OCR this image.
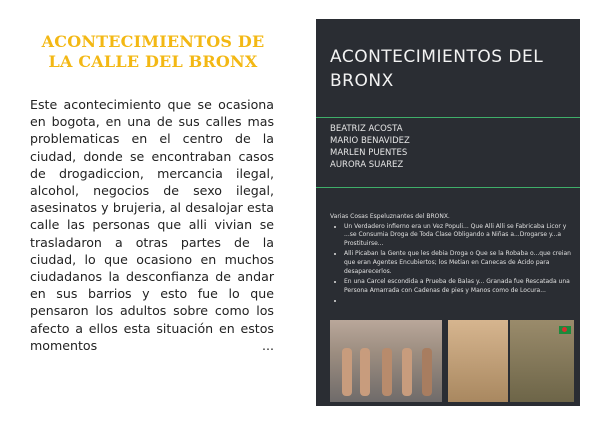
ACONTECIMIENTOS DE
LA CALLE DEL BRONX
Este acontecimiento que se ocasiona en bogota, en una de sus calles mas problematicas en el centro de la ciudad, donde se encontraban casos de drogadiccion, mercancia ilegal, alcohol, negocios de sexo ilegal, asesinatos y brujeria, al desalojar esta calle las personas que alli vivian se trasladaron a otras partes de la ciudad, lo que ocasiono en muchos ciudadanos la desconfianza de andar en sus barrios y esto fue lo que pensaron los adultos sobre como los afecto a ellos esta situación en estos momentos	...
ACONTECIMIENTOS DEL
BRONX
BEATRIZ ACOSTA
MARIO BENAVIDEZ
MARLEN PUENTES
AURORA SUAREZ
Varias Cosas Espeluznantes del BRONX.
• Un Verdadero infierno era un Vez Populi... Que Alli Alli se Fabricaba Licor y ...se Consumia Droga de Toda Clase Obligando a Niñas a...Drogarse y...a Prostituirse...
• Alli Picaban la Gente que les debia Droga o Que se la Robaba o...que creian que eran Agentes Encubiertos; los Metian en Canecas de Acido para desaparecerlos.
• En una Carcel escondida a Prueba de Balas y... Granada fue Rescatada una Persona Amarrada con Cadenas de pies y Manos como de Locura...
•
